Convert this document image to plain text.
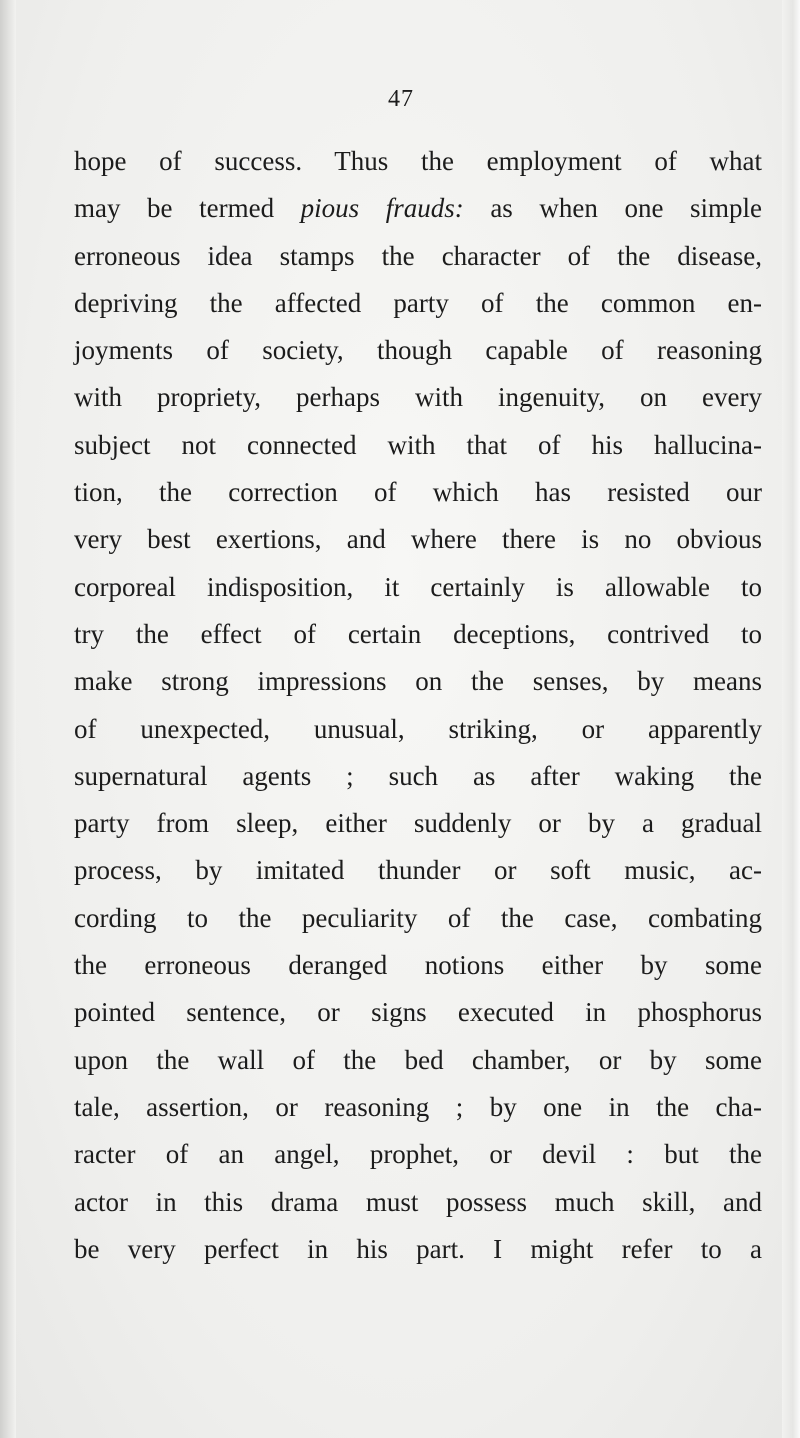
47
hope of success. Thus the employment of what
may be termed pious frauds: as when one simple
erroneous idea stamps the character of the disease,
depriving the affected party of the common en-
joyments of society, though capable of reasoning
with propriety, perhaps with ingenuity, on every
subject not connected with that of his hallucina-
tion, the correction of which has resisted our
very best exertions, and where there is no obvious
corporeal indisposition, it certainly is allowable to
try the effect of certain deceptions, contrived to
make strong impressions on the senses, by means
of unexpected, unusual, striking, or apparently
supernatural agents ; such as after waking the
party from sleep, either suddenly or by a gradual
process, by imitated thunder or soft music, ac-
cording to the peculiarity of the case, combating
the erroneous deranged notions either by some
pointed sentence, or signs executed in phosphorus
upon the wall of the bed chamber, or by some
tale, assertion, or reasoning ; by one in the cha-
racter of an angel, prophet, or devil : but the
actor in this drama must possess much skill, and
be very perfect in his part. I might refer to a
